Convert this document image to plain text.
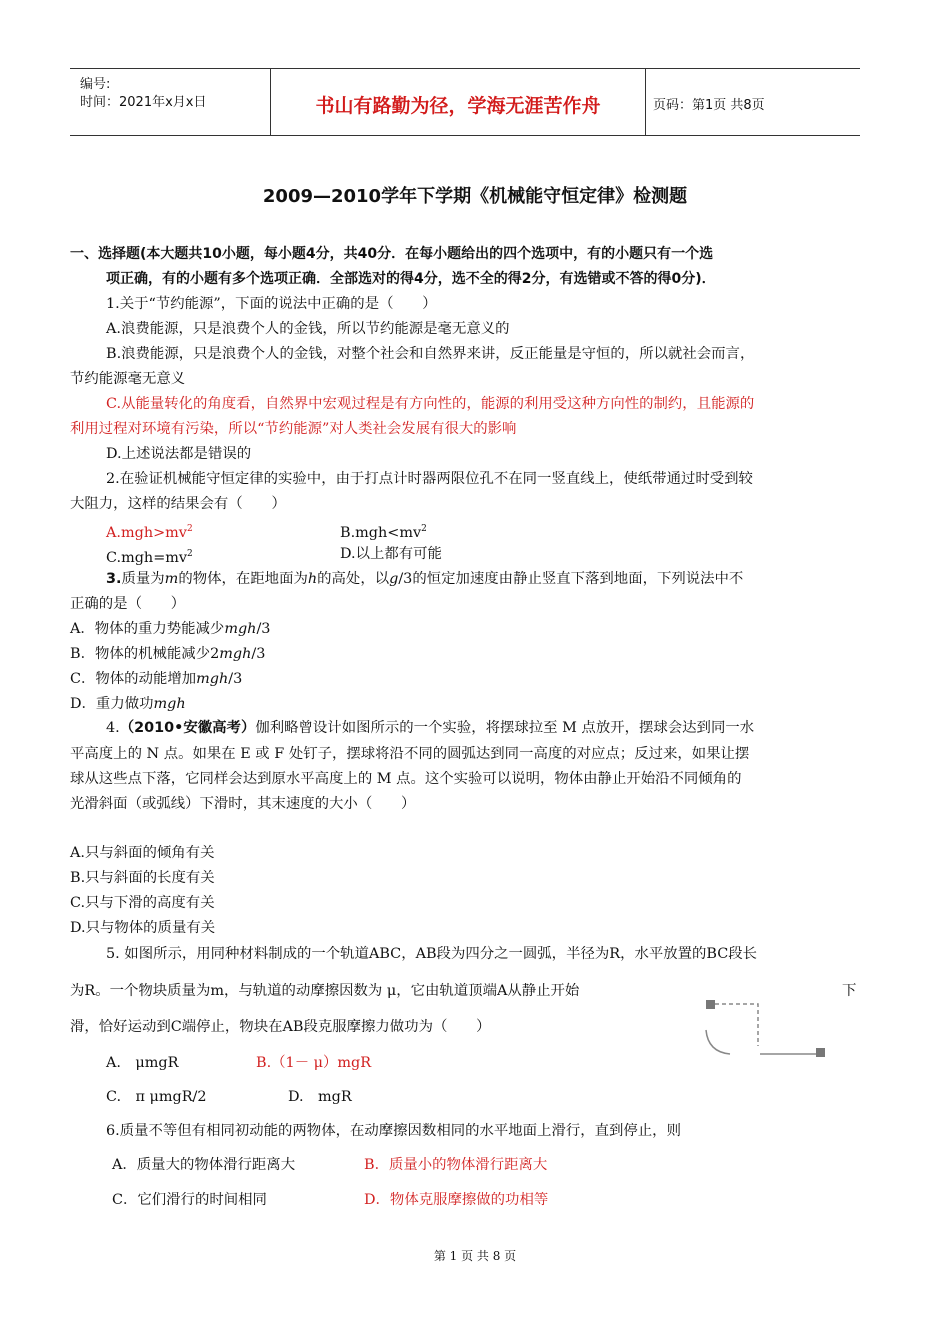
编号:
时间：2021年x月x日	书山有路勤为径，学海无涯苦作舟	页码：第1页 共8页
2009—2010学年下学期《机械能守恒定律》检测题
一、选择题(本大题共10小题，每小题4分，共40分．在每小题给出的四个选项中，有的小题只有一个选
项正确，有的小题有多个选项正确．全部选对的得4分，选不全的得2分，有选错或不答的得0分)．
1.关于“节约能源”，下面的说法中正确的是（　　）
A.浪费能源，只是浪费个人的金钱，所以节约能源是毫无意义的
B.浪费能源，只是浪费个人的金钱，对整个社会和自然界来讲，反正能量是守恒的，所以就社会而言，
节约能源毫无意义
C.从能量转化的角度看，自然界中宏观过程是有方向性的，能源的利用受这种方向性的制约，且能源的
利用过程对环境有污染，所以“节约能源”对人类社会发展有很大的影响
D.上述说法都是错误的
2.在验证机械能守恒定律的实验中，由于打点计时器两限位孔不在同一竖直线上，使纸带通过时受到较
大阻力，这样的结果会有（　　）
$A.mgh>mv^2$	$B.mgh<mv^2$
$C.mgh=mv^2$	D.以上都有可能
3.质量为m的物体，在距地面为h的高处，以g/3的恒定加速度由静止竖直下落到地面，下列说法中不
正确的是（　　）
A．物体的重力势能减少mgh/3
B．物体的机械能减少2mgh/3
C．物体的动能增加mgh/3
D．重力做功mgh
4.（2010•安徽高考）伽利略曾设计如图所示的一个实验，将摆球拉至 M 点放开，摆球会达到同一水
平高度上的 N 点。如果在 E 或 F 处钉子，摆球将沿不同的圆弧达到同一高度的对应点；反过来，如果让摆
球从这些点下落，它同样会达到原水平高度上的 M 点。这个实验可以说明，物体由静止开始沿不同倾角的
光滑斜面（或弧线）下滑时，其末速度的大小（　　）
A.只与斜面的倾角有关
B.只与斜面的长度有关
C.只与下滑的高度有关
D.只与物体的质量有关
5. 如图所示，用同种材料制成的一个轨道ABC，AB段为四分之一圆弧，半径为R，水平放置的BC段长
为R。一个物块质量为m，与轨道的动摩擦因数为 μ，它由轨道顶端A从静止开始	下
滑，恰好运动到C端停止，物块在AB段克服摩擦力做功为（　　）
A.　μmgR	B.（1－ μ）mgR
C.　π μmgR/2	D.　mgR
6.质量不等但有相同初动能的两物体，在动摩擦因数相同的水平地面上滑行，直到停止，则
A．质量大的物体滑行距离大	B．质量小的物体滑行距离大
C．它们滑行的时间相同	D．物体克服摩擦做的功相等
第 1 页 共 8 页
